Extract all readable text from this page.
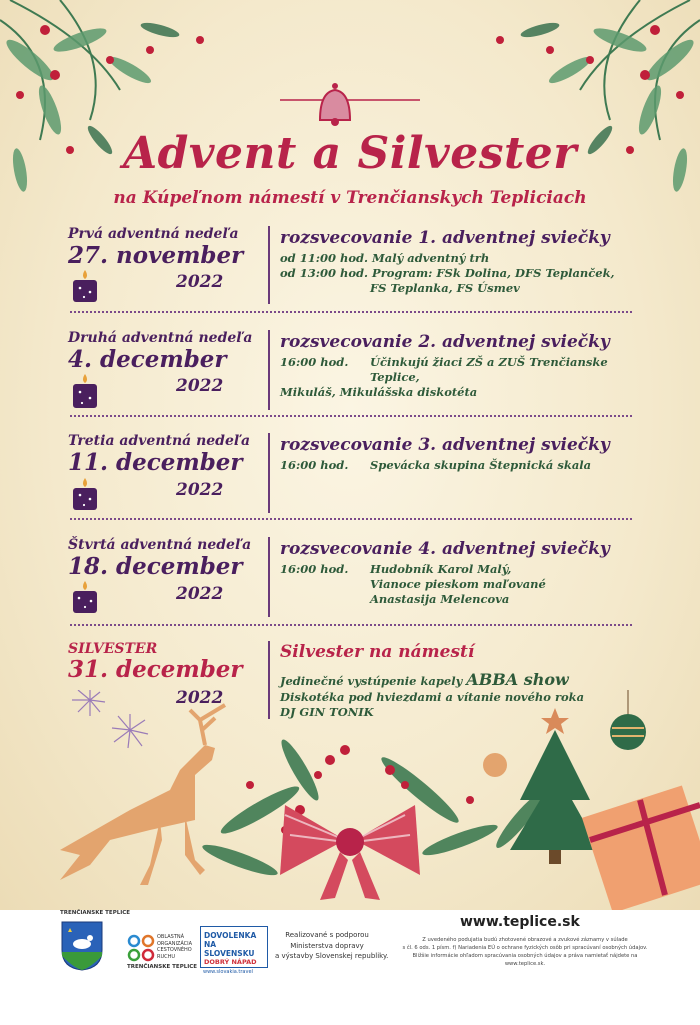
Advent a Silvester
na Kúpeľnom námestí v Trenčianskych Tepliciach
Prvá adventná nedeľa
27. november
2022
rozsvecovanie 1. adventnej sviečky
od 11:00 hod. Malý adventný trh
od 13:00 hod. Program: FSk Dolina, DFS Teplanček,
FS Teplanka, FS Úsmev
Druhá adventná nedeľa
4. december
2022
rozsvecovanie 2. adventnej sviečky
16:00 hod. Účinkujú žiaci ZŠ a ZUŠ Trenčianske
Teplice,
Mikuláš, Mikulášska diskotéta
Tretia adventná nedeľa
11. december
2022
rozsvecovanie 3. adventnej sviečky
16:00 hod. Spevácka skupina Štepnická skala
Štvrtá adventná nedeľa
18. december
2022
rozsvecovanie 4. adventnej sviečky
16:00 hod. Hudobník Karol Malý,
Vianoce pieskom maľované
Anastasija Melencova
SILVESTER
31. december
2022
Silvester na námestí
Jedinečné vystúpenie kapely ABBA show
Diskotéka pod hviezdami a vítanie nového roka
DJ GIN TONIK
TRENČIANSKE TEPLICE
OBLASTNÁ
ORGANIZÁCIA
CESTOVNÉHO
RUCHU
TRENČIANSKE TEPLICE
DOVOLENKA NA
SLOVENSKU
DOBRÝ NÁPAD
www.slovakia.travel
Realizované s podporou
Ministerstva dopravy
a výstavby Slovenskej republiky.
www.teplice.sk
Z uvedeného podujatia budú zhotovené obrazové a zvukové záznamy v súlade
s čl. 6 ods. 1 písm. f) Nariadenia EÚ o ochrane fyzických osôb pri spracúvaní osobných údajov.
Bližšie informácie ohľadom spracúvania osobných údajov a práva namietať nájdete na www.teplice.sk.
